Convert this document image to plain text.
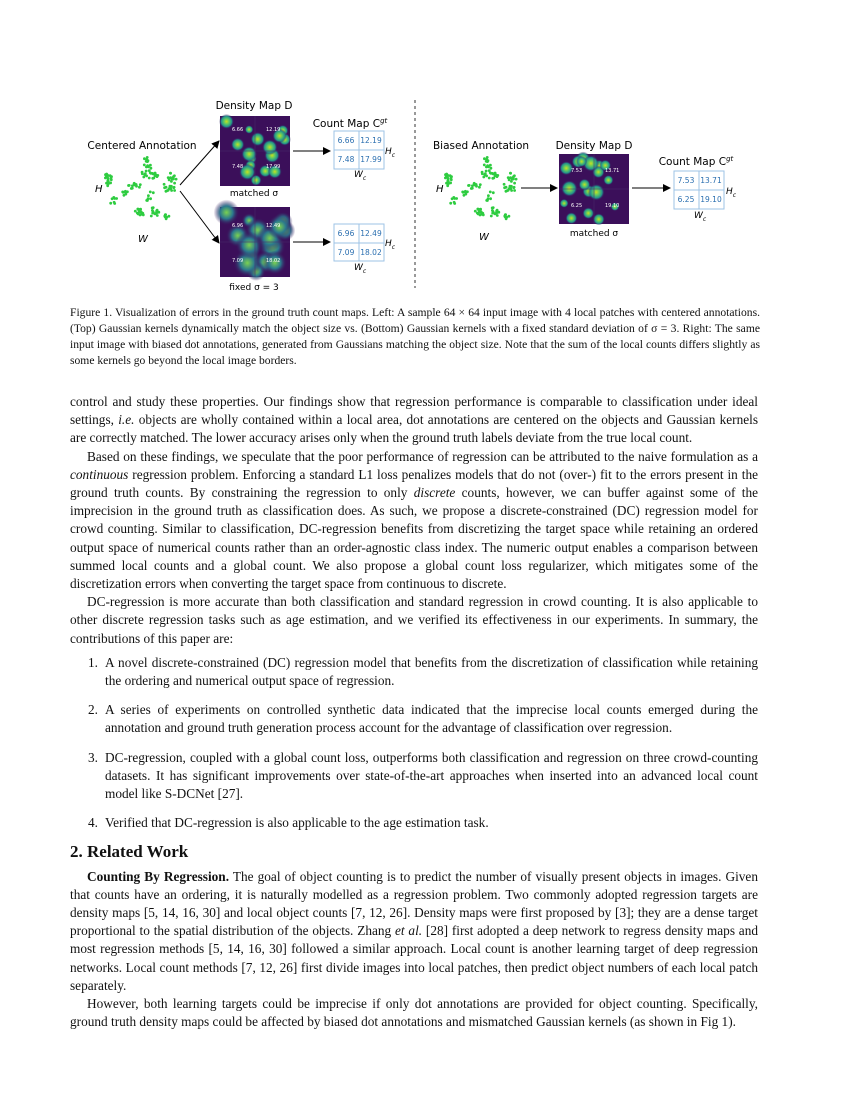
Centered Annotation
H
W
Density Map D
6.66	12.19
7.48	17.99
matched σ
6.96	12.49
7.09	18.02
fixed σ = 3
Count Map $C^{gt}$
6.66 12.19
7.48 17.99
$H_c$
$W_c$
6.96 12.49
7.09 18.02
$H_c$
$W_c$
Biased Annotation
H
W
Density Map D
7.53	13.71
6.25	19.10
matched σ
Count Map $C^{gt}$
7.53 13.71
6.25 19.10
$H_c$
$W_c$
Figure 1. Visualization of errors in the ground truth count maps. Left: A sample 64 × 64 input image with 4 local patches with centered annotations. (Top) Gaussian kernels dynamically match the object size vs. (Bottom) Gaussian kernels with a fixed standard deviation of σ = 3. Right: The same input image with biased dot annotations, generated from Gaussians matching the object size. Note that the sum of the local counts differs slightly as some kernels go beyond the local image borders.

control and study these properties. Our findings show that regression performance is comparable to classification under ideal settings, i.e. objects are wholly contained within a local area, dot annotations are centered on the objects and Gaussian kernels are correctly matched. The lower accuracy arises only when the ground truth labels deviate from the true local count.

Based on these findings, we speculate that the poor performance of regression can be attributed to the naive formulation as a continuous regression problem. Enforcing a standard L1 loss penalizes models that do not (over-) fit to the errors present in the ground truth counts. By constraining the regression to only discrete counts, however, we can buffer against some of the imprecision in the ground truth as classification does. As such, we propose a discrete-constrained (DC) regression model for crowd counting. Similar to classification, DC-regression benefits from discretizing the target space while retaining an ordered output space of numerical counts rather than an order-agnostic class index. The numeric output enables a comparison between summed local counts and a global count. We also propose a global count loss regularizer, which mitigates some of the discretization errors when converting the target space from continuous to discrete.

DC-regression is more accurate than both classification and standard regression in crowd counting. It is also applicable to other discrete regression tasks such as age estimation, and we verified its effectiveness in our experiments. In summary, the contributions of this paper are:

1. A novel discrete-constrained (DC) regression model that benefits from the discretization of classification while retaining the ordering and numerical output space of regression.
2. A series of experiments on controlled synthetic data indicated that the imprecise local counts emerged during the annotation and ground truth generation process account for the advantage of classification over regression.
3. DC-regression, coupled with a global count loss, outperforms both classification and regression on three crowd-counting datasets. It has significant improvements over state-of-the-art approaches when inserted into an advanced local count model like S-DCNet [27].
4. Verified that DC-regression is also applicable to the age estimation task.
2. Related Work

Counting By Regression. The goal of object counting is to predict the number of visually present objects in images. Given that counts have an ordering, it is naturally modelled as a regression problem. Two commonly adopted regression targets are density maps [5, 14, 16, 30] and local object counts [7, 12, 26]. Density maps were first proposed by [3]; they are a dense target proportional to the spatial distribution of the objects. Zhang et al. [28] first adopted a deep network to regress density maps and most regression methods [5, 14, 16, 30] followed a similar approach. Local count is another learning target of deep regression networks. Local count methods [7, 12, 26] first divide images into local patches, then predict object numbers of each local patch separately.

However, both learning targets could be imprecise if only dot annotations are provided for object counting. Specifically, ground truth density maps could be affected by biased dot annotations and mismatched Gaussian kernels (as shown in Fig 1).
